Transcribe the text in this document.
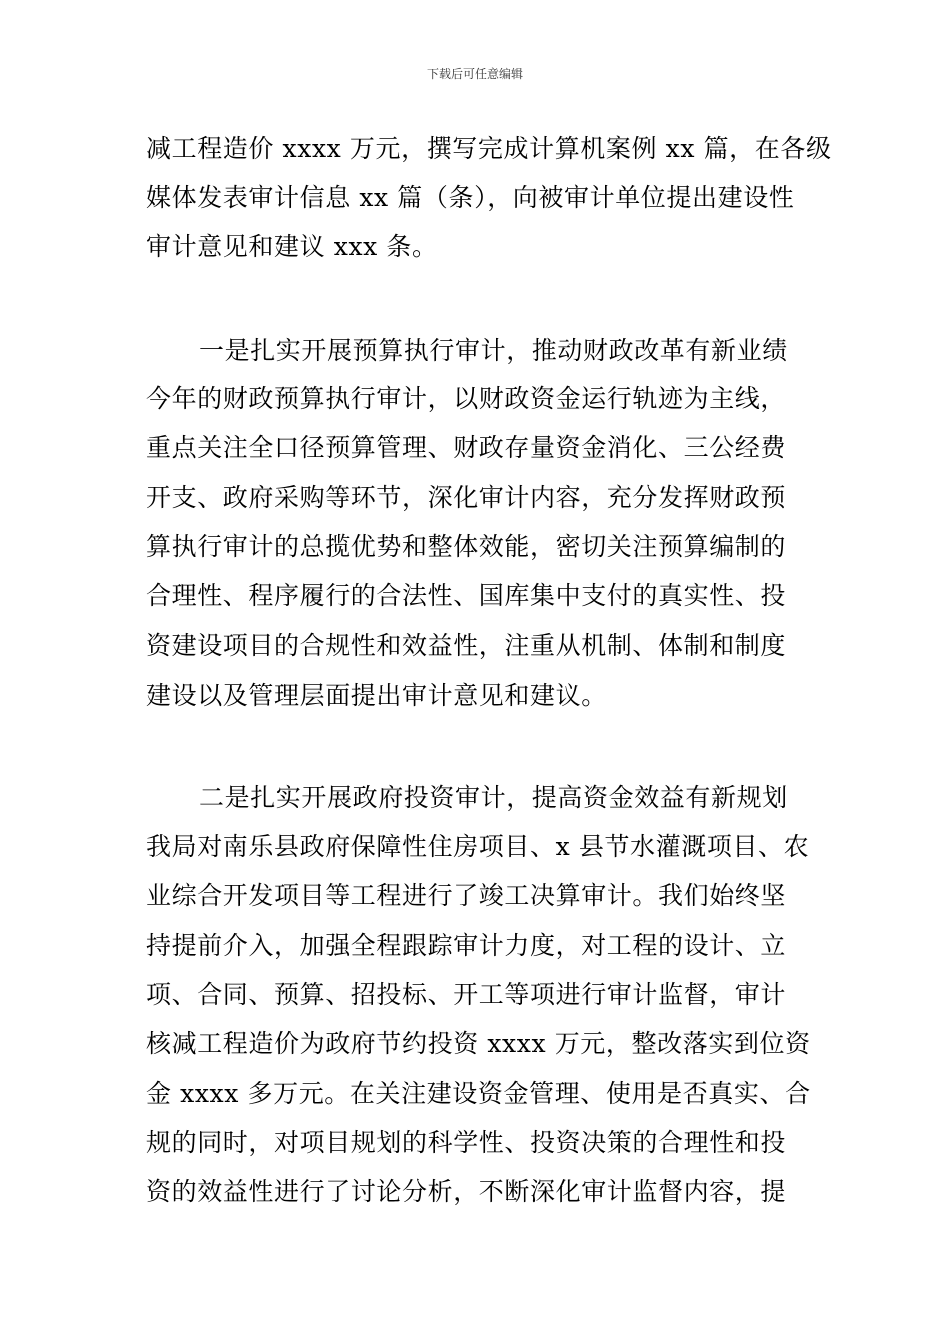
下载后可任意编辑
减工程造价 xxxx 万元，撰写完成计算机案例 xx 篇，在各级
媒体发表审计信息 xx 篇（条），向被审计单位提出建设性
审计意见和建议 xxx 条。
一是扎实开展预算执行审计，推动财政改革有新业绩
今年的财政预算执行审计，以财政资金运行轨迹为主线，
重点关注全口径预算管理、财政存量资金消化、三公经费
开支、政府采购等环节，深化审计内容，充分发挥财政预
算执行审计的总揽优势和整体效能，密切关注预算编制的
合理性、程序履行的合法性、国库集中支付的真实性、投
资建设项目的合规性和效益性，注重从机制、体制和制度
建设以及管理层面提出审计意见和建议。
二是扎实开展政府投资审计，提高资金效益有新规划
我局对南乐县政府保障性住房项目、x 县节水灌溉项目、农
业综合开发项目等工程进行了竣工决算审计。我们始终坚
持提前介入，加强全程跟踪审计力度，对工程的设计、立
项、合同、预算、招投标、开工等项进行审计监督，审计
核减工程造价为政府节约投资 xxxx 万元，整改落实到位资
金 xxxx 多万元。在关注建设资金管理、使用是否真实、合
规的同时，对项目规划的科学性、投资决策的合理性和投
资的效益性进行了讨论分析，不断深化审计监督内容，提
